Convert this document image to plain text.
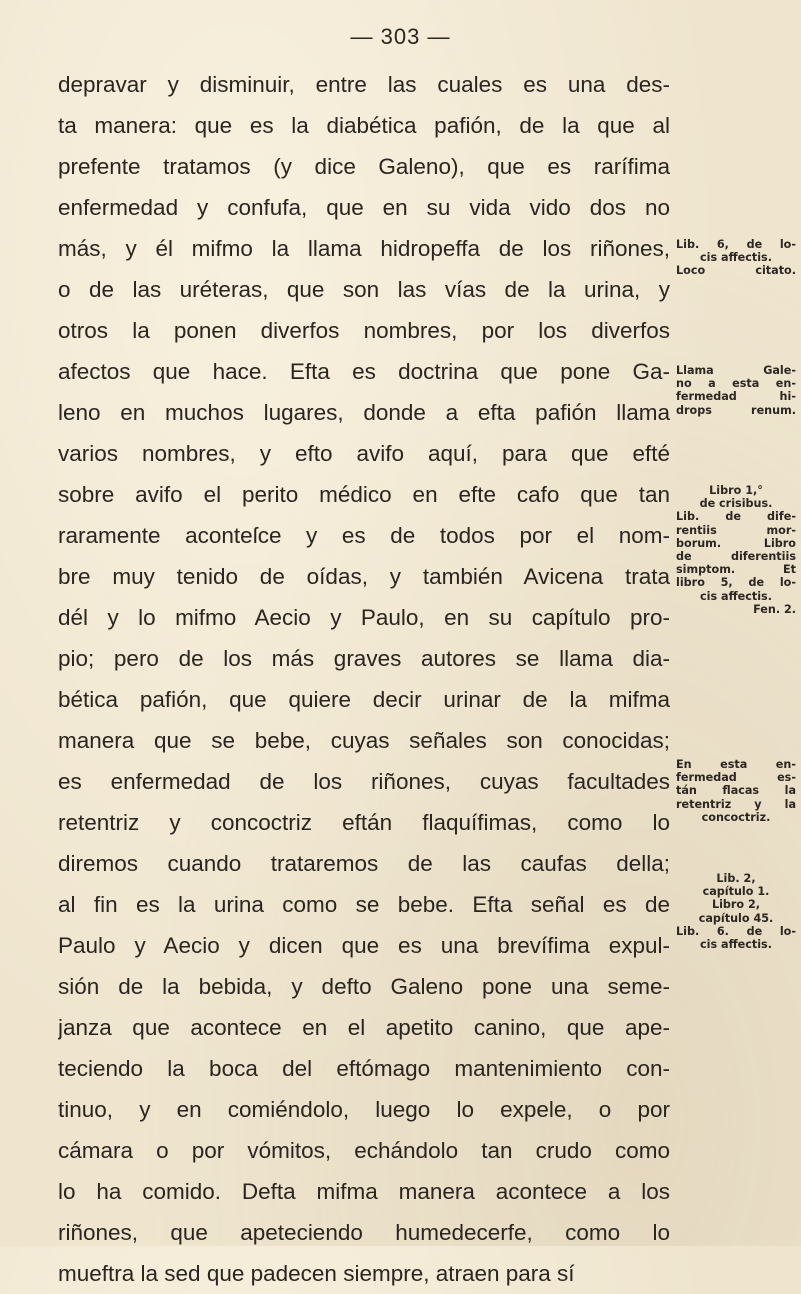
— 303 —
depravar y disminuir, entre las cuales es una des-
ta manera: que es la diabética pafión, de la que al
prefente tratamos (y dice Galeno), que es rarífima
enfermedad y confufa, que en su vida vido dos no
más, y él mifmo la llama hidropeffa de los riñones,
o de las uréteras, que son las vías de la urina, y
otros la ponen diverfos nombres, por los diverfos
afectos que hace. Efta es doctrina que pone Ga-
leno en muchos lugares, donde a efta pafión llama
varios nombres, y efto avifo aquí, para que efté
sobre avifo el perito médico en efte cafo que tan
raramente aconteſce y es de todos por el nom-
bre muy tenido de oídas, y también Avicena trata
dél y lo mifmo Aecio y Paulo, en su capítulo pro-
pio; pero de los más graves autores se llama dia-
bética pafión, que quiere decir urinar de la mifma
manera que se bebe, cuyas señales son conocidas;
es enfermedad de los riñones, cuyas facultades
retentriz y concoctriz eftán flaquífimas, como lo
diremos cuando trataremos de las caufas della;
al fin es la urina como se bebe. Efta señal es de
Paulo y Aecio y dicen que es una brevífima expul-
sión de la bebida, y defto Galeno pone una seme-
janza que acontece en el apetito canino, que ape-
teciendo la boca del eftómago mantenimiento con-
tinuo, y en comiéndolo, luego lo expele, o por
cámara o por vómitos, echándolo tan crudo como
lo ha comido. Defta mifma manera acontece a los
riñones, que apeteciendo humedecerfe, como lo
mueftra la sed que padecen siempre, atraen para sí
Lib. 6, de lo-
cis affectis.
Loco citato.
Llama Gale-
no a esta en-
fermedad hi-
drops renum.
Libro 1,°
de crisibus.
Lib. de dife-
rentiis mor-
borum. Libro
de diferentiis
simptom. Et
libro 5, de lo-
cis affectis.
Fen. 2.
En esta en-
fermedad es-
tán flacas la
retentriz y la
concoctriz.
Lib. 2,
capítulo 1.
Libro 2,
capítulo 45.
Lib. 6. de lo-
cis affectis.
